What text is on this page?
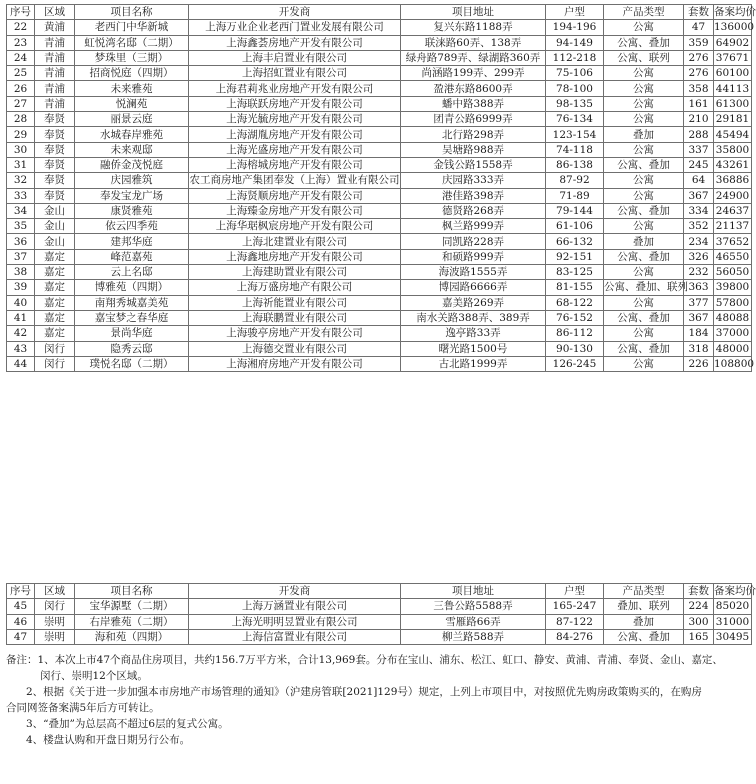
序号	区域	项目名称	开发商	项目地址	户型	产品类型	套数	备案均价
22	黄浦	老西门中华新城	上海万业企业老西门置业发展有限公司	复兴东路1188弄	194-196	公寓	47	136000
23	青浦	虹悦湾名邸（二期）	上海鑫荟房地产开发有限公司	联涞路60弄、138弄	94-149	公寓、叠加	359	64902
24	青浦	梦珠里（三期）	上海丰启置业有限公司	绿舟路789弄、绿湖路360弄	112-218	公寓、联列	276	37671
25	青浦	招商悦庭（四期）	上海招虹置业有限公司	尚涵路199弄、299弄	75-106	公寓	276	60100
26	青浦	未来雅苑	上海君莉兆业房地产开发有限公司	盈港东路8600弄	78-100	公寓	358	44113
27	青浦	悦澜苑	上海联跃房地产开发有限公司	蟠中路388弄	98-135	公寓	161	61300
28	奉贤	丽景云庭	上海光毓房地产开发有限公司	团青公路6999弄	76-134	公寓	210	29181
29	奉贤	水城春岸雅苑	上海湖胤房地产开发有限公司	北行路298弄	123-154	叠加	288	45494
30	奉贤	未来观邸	上海光盛房地产开发有限公司	吴塘路988弄	74-118	公寓	337	35800
31	奉贤	融侨金茂悦庭	上海榕城房地产开发有限公司	金钱公路1558弄	86-138	公寓、叠加	245	43261
32	奉贤	庆园雅筑	农工商房地产集团奉发（上海）置业有限公司	庆园路333弄	87-92	公寓	64	36886
33	奉贤	奉发宝龙广场	上海贤顺房地产开发有限公司	港佳路398弄	71-89	公寓	367	24900
34	金山	康贤雅苑	上海臻金房地产开发有限公司	德贤路268弄	79-144	公寓、叠加	334	24637
35	金山	依云四季苑	上海华琚枫宸房地产开发有限公司	枫兰路999弄	61-106	公寓	352	21137
36	金山	建邦华庭	上海北建置业有限公司	同凯路228弄	66-132	叠加	234	37652
37	嘉定	峰范嘉苑	上海鑫地房地产开发有限公司	和硕路999弄	92-151	公寓、叠加	326	46550
38	嘉定	云上名邸	上海建助置业有限公司	海波路1555弄	83-125	公寓	232	56050
39	嘉定	博雅苑（四期）	上海万盛房地产有限公司	博园路6666弄	81-155	公寓、叠加、联列	363	39800
40	嘉定	南翔秀城嘉美苑	上海祈能置业有限公司	嘉美路269弄	68-122	公寓	377	57800
41	嘉定	嘉宝梦之春华庭	上海联鹏置业有限公司	南水关路388弄、389弄	76-152	公寓、叠加	367	48088
42	嘉定	景尚华庭	上海骏亭房地产开发有限公司	逸亭路33弄	86-112	公寓	184	37000
43	闵行	隐秀云邸	上海德交置业有限公司	曙光路1500号	90-130	公寓、叠加	318	48000
44	闵行	璞悦名邸（二期）	上海湘府房地产开发有限公司	古北路1999弄	126-245	公寓	226	108800
序号	区域	项目名称	开发商	项目地址	户型	产品类型	套数	备案均价
45	闵行	宝华源墅（二期）	上海万涵置业有限公司	三鲁公路5588弄	165-247	叠加、联列	224	85020
46	崇明	右岸雅苑（二期）	上海光明明昱置业有限公司	雪雁路66弄	87-122	叠加	300	31000
47	崇明	海和苑（四期）	上海信富置业有限公司	柳兰路588弄	84-276	公寓、叠加	165	30495

备注：1、本次上市47个商品住房项目，共约156.7万平方米，合计13,969套。分布在宝山、浦东、松江、虹口、静安、黄浦、青浦、奉贤、金山、嘉定、

闵行、崇明12个区域。

2、根据《关于进一步加强本市房地产市场管理的通知》（沪建房管联[2021]129号）规定，上列上市项目中，对按照优先购房政策购买的，在购房

合同网签备案满5年后方可转让。

3、“叠加”为总层高不超过6层的复式公寓。

4、楼盘认购和开盘日期另行公布。
